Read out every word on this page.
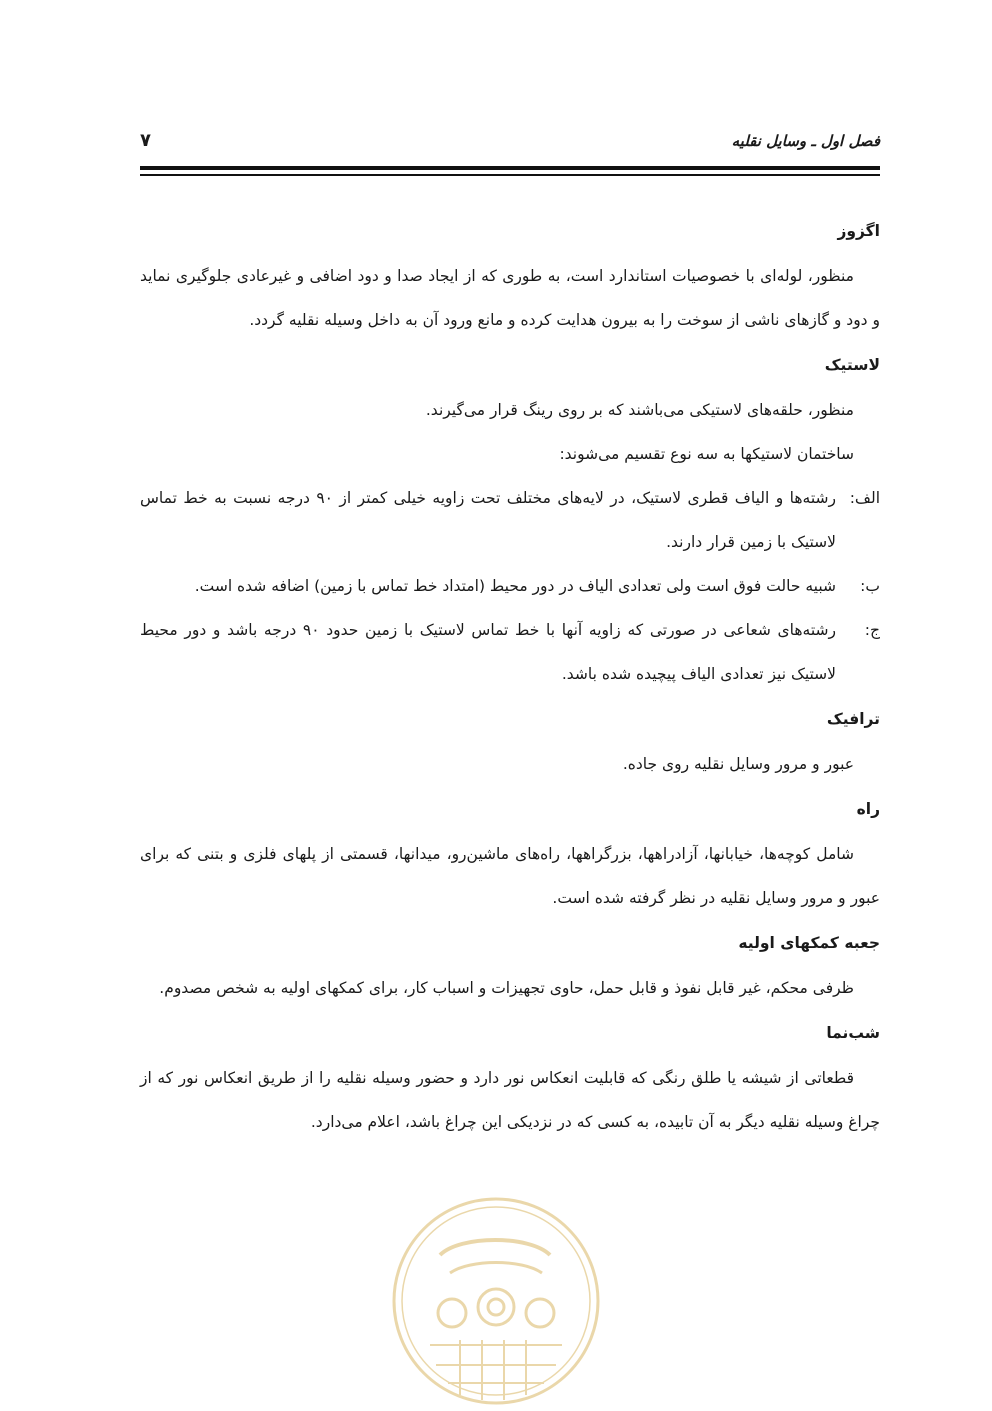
فصل اول ـ وسایل نقلیه
۷
اگزوز

منظور، لوله‌ای با خصوصیات استاندارد است، به طوری که از ایجاد صدا و دود اضافی و غیرعادی جلوگیری نماید و دود و گازهای ناشی از سوخت را به بیرون هدایت کرده و مانع ورود آن به داخل وسیله نقلیه گردد.

لاستیک

منظور، حلقه‌های لاستیکی می‌باشند که بر روی رینگ قرار می‌گیرند.

ساختمان لاستیکها به سه نوع تقسیم می‌شوند:

الف:
رشته‌ها و الیاف قطری لاستیک، در لایه‌های مختلف تحت زاویه خیلی کمتر از ۹۰ درجه نسبت به خط تماس لاستیک با زمین قرار دارند.
ب:
شبیه حالت فوق است ولی تعدادی الیاف در دور محیط (امتداد خط تماس با زمین) اضافه شده است.
ج:
رشته‌های شعاعی در صورتی که زاویه آنها با خط تماس لاستیک با زمین حدود ۹۰ درجه باشد و دور محیط لاستیک نیز تعدادی الیاف پیچیده شده باشد.
ترافیک

عبور و مرور وسایل نقلیه روی جاده.

راه

شامل کوچه‌ها، خیابانها، آزادراهها، بزرگراهها، راه‌های ماشین‌رو، میدانها، قسمتی از پلهای فلزی و بتنی که برای عبور و مرور وسایل نقلیه در نظر گرفته شده است.

جعبه کمکهای اولیه

ظرفی محکم، غیر قابل نفوذ و قابل حمل، حاوی تجهیزات و اسباب کار، برای کمکهای اولیه به شخص مصدوم.

شب‌نما

قطعاتی از شیشه یا طلق رنگی که قابلیت انعکاس نور دارد و حضور وسیله نقلیه را از طریق انعکاس نور که از چراغ وسیله نقلیه دیگر به آن تابیده، به کسی که در نزدیکی این چراغ باشد، اعلام می‌دارد.
